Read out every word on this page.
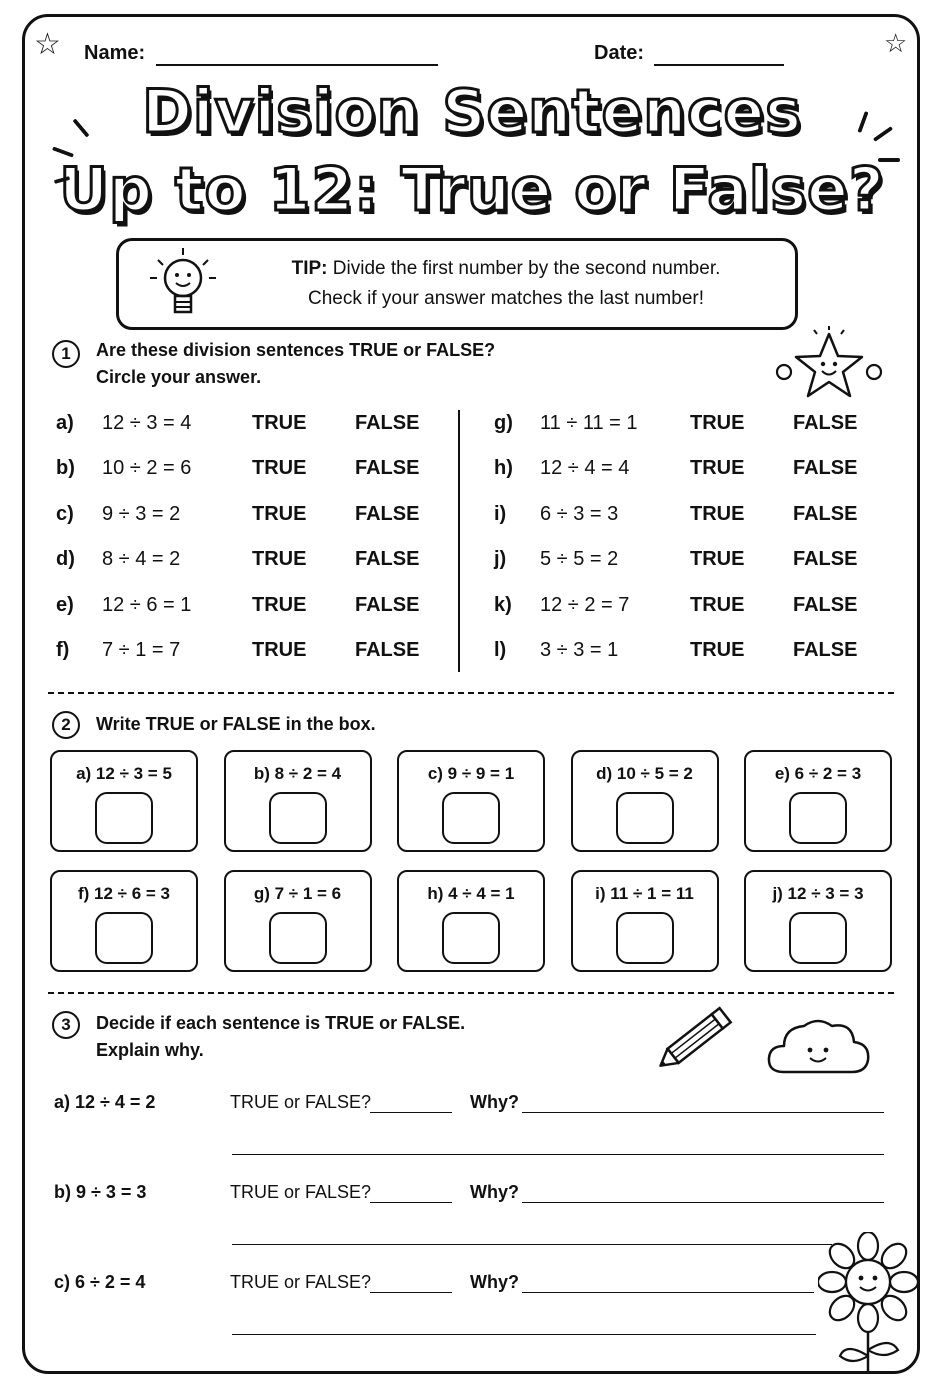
☆	☆
Name:	Date:
Division Sentences
Up to 12: True or False?
TIP: Divide the first number by the second number.
Check if your answer matches the last number!
1	Are these division sentences TRUE or FALSE?
Circle your answer.
a)	12 ÷ 3 = 4	TRUE	FALSE
b)	10 ÷ 2 = 6	TRUE	FALSE
c)	9 ÷ 3 = 2	TRUE	FALSE
d)	8 ÷ 4 = 2	TRUE	FALSE
e)	12 ÷ 6 = 1	TRUE	FALSE
f)	7 ÷ 1 = 7	TRUE	FALSE
g)	11 ÷ 11 = 1	TRUE	FALSE
h)	12 ÷ 4 = 4	TRUE	FALSE
i)	6 ÷ 3 = 3	TRUE	FALSE
j)	5 ÷ 5 = 2	TRUE	FALSE
k)	12 ÷ 2 = 7	TRUE	FALSE
l)	3 ÷ 3 = 1	TRUE	FALSE
2	Write TRUE or FALSE in the box.
a) 12 ÷ 3 = 5	b) 8 ÷ 2 = 4	c) 9 ÷ 9 = 1	d) 10 ÷ 5 = 2	e) 6 ÷ 2 = 3
f) 12 ÷ 6 = 3	g) 7 ÷ 1 = 6	h) 4 ÷ 4 = 1	i) 11 ÷ 1 = 11	j) 12 ÷ 3 = 3
3	Decide if each sentence is TRUE or FALSE.
Explain why.
a) 12 ÷ 4 = 2	TRUE or FALSE?	Why?
b) 9 ÷ 3 = 3	TRUE or FALSE?	Why?
c) 6 ÷ 2 = 4	TRUE or FALSE?	Why?
